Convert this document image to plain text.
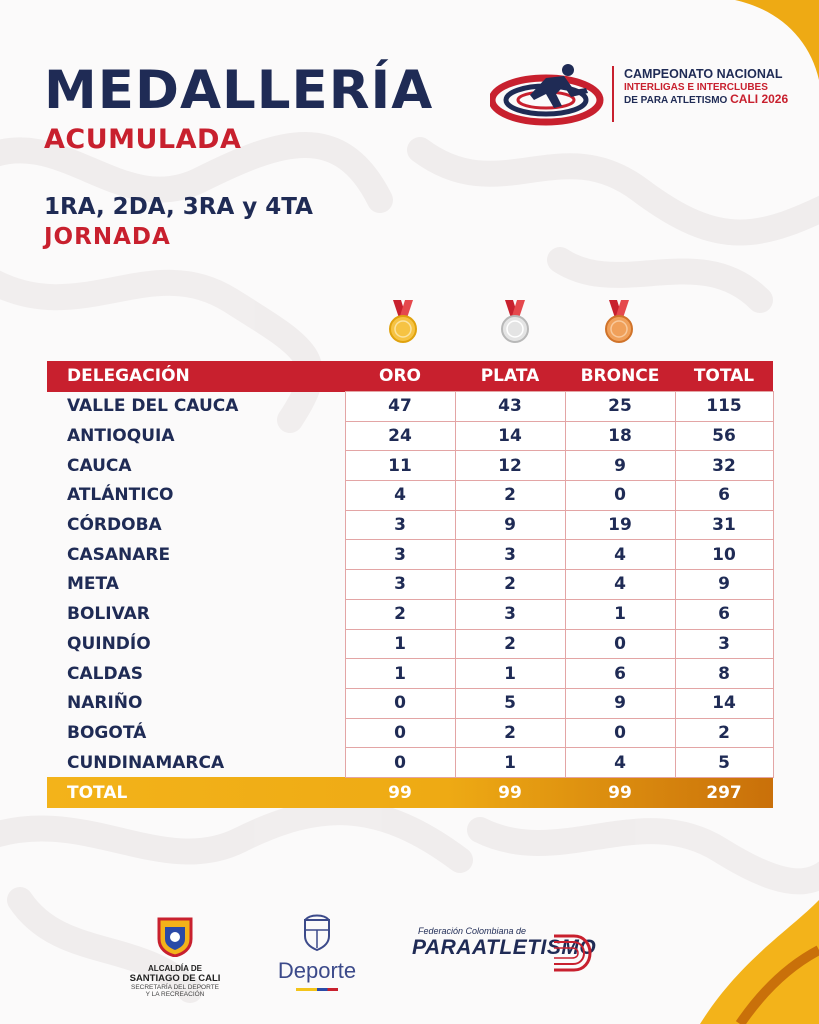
MEDALLERÍA
ACUMULADA
1RA, 2DA, 3RA y 4TA
JORNADA
CAMPEONATO NACIONAL
INTERLIGAS E INTERCLUBES
DE PARA ATLETISMO CALI 2026
DELEGACIÓN	ORO	PLATA	BRONCE	TOTAL
VALLE DEL CAUCA	47	43	25	115
ANTIOQUIA	24	14	18	56
CAUCA	11	12	9	32
ATLÁNTICO	4	2	0	6
CÓRDOBA	3	9	19	31
CASANARE	3	3	4	10
META	3	2	4	9
BOLIVAR	2	3	1	6
QUINDÍO	1	2	0	3
CALDAS	1	1	6	8
NARIÑO	0	5	9	14
BOGOTÁ	0	2	0	2
CUNDINAMARCA	0	1	4	5
TOTAL	99	99	99	297
ALCALDÍA DE
SANTIAGO DE CALI
SECRETARÍA DEL DEPORTE
Y LA RECREACIÓN
Deporte
Federación Colombiana de
PARAATLETISMO
